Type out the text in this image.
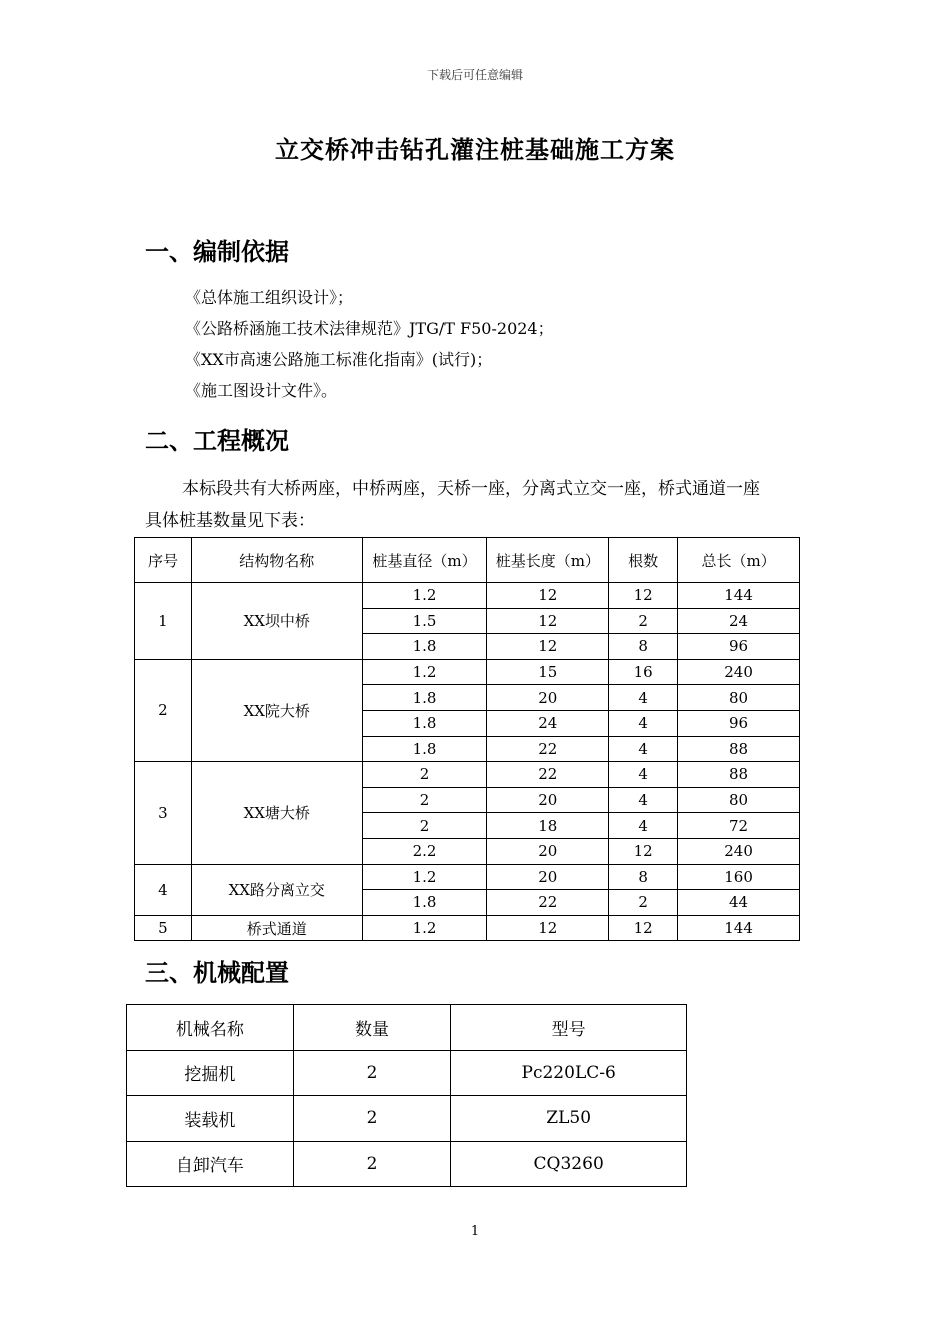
下载后可任意编辑
立交桥冲击钻孔灌注桩基础施工方案
一、编制依据
《总体施工组织设计》；
《公路桥涵施工技术法律规范》JTG/T F50-2024；
《XX市高速公路施工标准化指南》(试行)；
《施工图设计文件》。
二、工程概况
本标段共有大桥两座，中桥两座，天桥一座，分离式立交一座，桥式通道一座
具体桩基数量见下表：
序号	结构物名称	桩基直径（m）	桩基长度（m）	根数	总长（m）
1	XX坝中桥	1.2	12	12	144
		1.5	12	2	24
		1.8	12	8	96
2	XX院大桥	1.2	15	16	240
		1.8	20	4	80
		1.8	24	4	96
		1.8	22	4	88
3	XX塘大桥	2	22	4	88
		2	20	4	80
		2	18	4	72
		2.2	20	12	240
4	XX路分离立交	1.2	20	8	160
		1.8	22	2	44
5	桥式通道	1.2	12	12	144
三、机械配置
机械名称	数量	型号
挖掘机	2	Pc220LC-6
装载机	2	ZL50
自卸汽车	2	CQ3260
1
